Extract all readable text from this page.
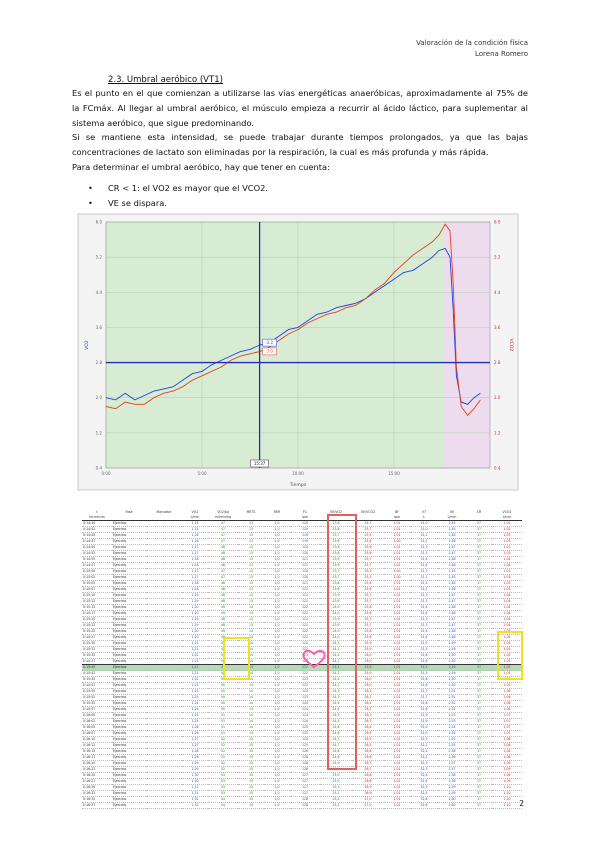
Valoración de la condición física
Lorena Romero
2.3. Umbral aeróbico (VT1)

Es el punto en el que comienzan a utilizarse las vías energéticas anaeróbicas, aproximadamente al 75% de la FCmáx. Al llegar al umbral aeróbico, el músculo empieza a recurrir al ácido láctico, para suplementar al sistema aeróbico, que sigue predominando.

Si se mantiene esta intensidad, se puede trabajar durante tiempos prolongados, ya que las bajas concentraciones de lactato son eliminadas por la respiración, la cual es más profunda y más rápida.

Para determinar el umbral aeróbico, hay que tener en cuenta:

• CR < 1: el VO2 es mayor que el VCO2.
• VE se dispara.
6.0	6.0
5.2	5.2
4.4	4.4
3.6	3.6
2.8	2.8
2.0	2.0
1.2	1.2
0.4	0.4
0:00	5:00	10:00	15:00
Tiempo
VO2	VCO2
3.3
3.0
15:37
t	Fase	Marcador	VO2	VO2/kg	METS	RER	FC	VE/VO2	VE/VCO2	BF	VT	VE	CR	VCO2
hh:mm:ss			L/min	ml/min/kg			lpm			rpm	L	L/min		L/min
0:14:40	Ejercicio		1,15	47	13	1,0	120	23,8	25,7	1,01	31,0	2,45	37	1,02
0:14:42	Ejercicio		1,15	47	13	1,0	120	23,8	25,7	1,01	31,0	2,45	37	1,02
0:14:45	Ejercicio		1,16	47	13	1,0	119	23,7	25,5	1,01	31,2	2,46	37	1,03
0:14:47	Ejercicio		1,16	47	13	1,0	119	23,6	25,4	1,00	31,2	2,46	37	1,03
0:14:50	Ejercicio		1,17	48	13	1,0	120	23,8	25,6	1,01	31,3	2,47	37	1,03
0:14:52	Ejercicio		1,17	48	13	1,0	120	23,8	25,6	1,01	31,3	2,47	37	1,03
0:14:55	Ejercicio		1,18	48	13	1,0	121	23,9	25,7	1,01	31,4	2,48	37	1,04
0:14:57	Ejercicio		1,18	48	13	1,0	121	23,9	25,7	1,01	31,4	2,48	37	1,04
0:15:00	Ejercicio		1,17	47	13	1,0	120	23,7	25,5	1,00	31,1	2,45	37	1,03
0:15:02	Ejercicio		1,17	47	13	1,0	120	23,7	25,5	1,00	31,1	2,45	37	1,03
0:15:05	Ejercicio		1,18	48	13	1,0	121	23,8	25,6	1,01	31,2	2,46	37	1,03
0:15:07	Ejercicio		1,18	48	13	1,0	121	23,8	25,6	1,01	31,2	2,46	37	1,03
0:15:10	Ejercicio		1,19	48	13	1,0	121	23,9	25,7	1,01	31,3	2,47	37	1,04
0:15:12	Ejercicio		1,19	48	13	1,0	121	23,9	25,7	1,01	31,3	2,47	37	1,04
0:15:15	Ejercicio		1,20	49	14	1,0	122	24,0	25,8	1,01	31,4	2,48	37	1,04
0:15:17	Ejercicio		1,20	49	14	1,0	122	24,0	25,8	1,01	31,4	2,48	37	1,04
0:15:20	Ejercicio		1,19	48	13	1,0	121	23,9	25,7	1,01	31,3	2,47	37	1,04
0:15:22	Ejercicio		1,19	48	13	1,0	121	23,9	25,7	1,01	31,3	2,47	37	1,04
0:15:25	Ejercicio		1,20	49	14	1,0	122	24,0	25,8	1,01	31,4	2,48	37	1,04
0:15:27	Ejercicio		1,20	49	14	1,0	122	24,0	25,8	1,01	31,4	2,48	37	1,04
0:15:30	Ejercicio		1,21	49	14	1,0	122	24,1	25,9	1,01	31,5	2,49	37	1,05
0:15:32	Ejercicio		1,21	49	14	1,0	122	24,1	25,9	1,01	31,5	2,49	37	1,05
0:15:35	Ejercicio		1,22	50	14	1,0	123	24,2	26,0	1,01	31,6	2,50	37	1,05
0:15:37	Ejercicio		1,22	50	14	1,0	123	24,2	26,0	1,01	31,6	2,50	37	1,05
0:15:40	Ejercicio		1,21	49	14	1,0	122	24,1	25,9	1,01	31,5	2,49	37	1,05
0:15:42	Ejercicio		1,21	49	14	1,0	122	24,1	25,9	1,01	31,5	2,49	37	1,05
0:15:45	Ejercicio		1,22	50	14	1,0	123	24,2	26,0	1,01	31,6	2,50	37	1,05
0:15:47	Ejercicio		1,22	50	14	1,0	123	24,2	26,0	1,01	31,6	2,50	37	1,05
0:15:50	Ejercicio		1,23	50	14	1,0	123	24,3	26,1	1,01	31,7	2,51	37	1,06
0:15:52	Ejercicio		1,23	50	14	1,0	123	24,3	26,1	1,01	31,7	2,51	37	1,06
0:15:55	Ejercicio		1,24	50	14	1,0	124	24,4	26,2	1,01	31,8	2,52	37	1,06
0:15:57	Ejercicio		1,24	50	14	1,0	124	24,4	26,2	1,01	31,8	2,52	37	1,06
0:16:00	Ejercicio		1,25	51	14	1,0	124	24,5	26,3	1,01	31,9	2,53	37	1,07
0:16:02	Ejercicio		1,25	51	14	1,0	124	24,5	26,3	1,01	31,9	2,53	37	1,07
0:16:05	Ejercicio		1,26	51	14	1,0	125	24,6	26,4	1,01	32,0	2,54	37	1,07
0:16:07	Ejercicio		1,26	51	14	1,0	125	24,6	26,4	1,01	32,0	2,54	37	1,07
0:16:10	Ejercicio		1,27	52	15	1,0	125	24,7	26,5	1,01	32,1	2,55	37	1,08
0:16:12	Ejercicio		1,27	52	15	1,0	125	24,7	26,5	1,01	32,1	2,55	37	1,08
0:16:15	Ejercicio		1,28	52	15	1,0	126	24,8	26,6	1,01	32,2	2,56	37	1,08
0:16:17	Ejercicio		1,28	52	15	1,0	126	24,8	26,6	1,01	32,2	2,56	37	1,08
0:16:20	Ejercicio		1,29	52	15	1,0	126	24,9	26,7	1,01	32,3	2,57	37	1,09
0:16:22	Ejercicio		1,29	52	15	1,0	126	24,9	26,7	1,01	32,3	2,57	37	1,09
0:16:25	Ejercicio		1,30	53	15	1,0	127	25,0	26,8	1,01	32,4	2,58	37	1,09
0:16:27	Ejercicio		1,30	53	15	1,0	127	25,0	26,8	1,01	32,4	2,58	37	1,09
0:16:30	Ejercicio		1,31	53	15	1,0	127	25,1	26,9	1,01	32,5	2,59	37	1,10
0:16:32	Ejercicio		1,31	53	15	1,0	127	25,1	26,9	1,01	32,5	2,59	37	1,10
0:16:35	Ejercicio		1,32	54	15	1,0	128	25,2	27,0	1,01	32,6	2,60	37	1,10
0:16:37	Ejercicio		1,32	54	15	1,0	128	25,2	27,0	1,01	32,6	2,60	37	1,10 2
